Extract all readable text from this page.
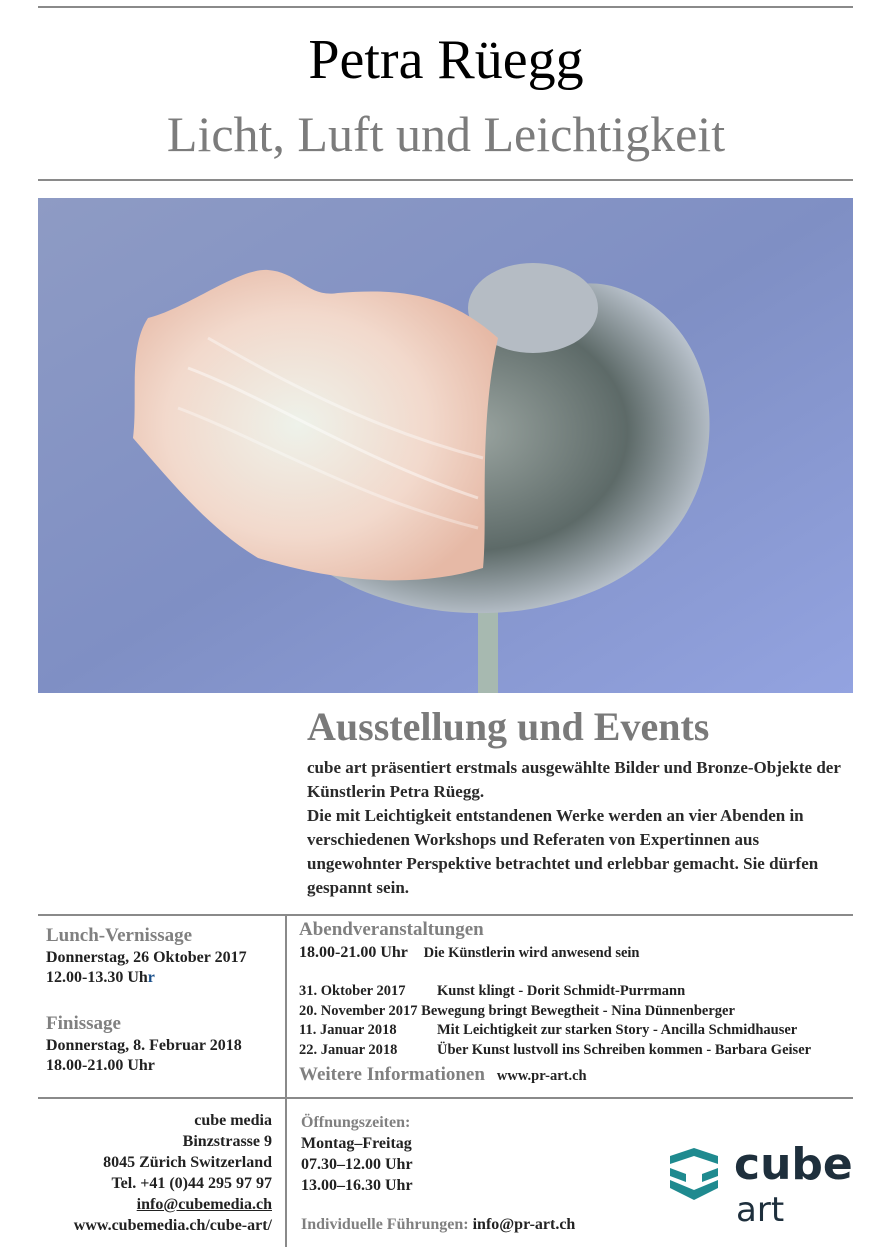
Petra Rüegg
Licht, Luft und Leichtigkeit
Ausstellung und Events

cube art präsentiert erstmals ausgewählte Bilder und Bronze-Objekte der Künstlerin Petra Rüegg.

Die mit Leichtigkeit entstandenen Werke werden an vier Abenden in verschiedenen Workshops und Referaten von Expertinnen aus ungewohnter Perspektive betrachtet und erlebbar gemacht. Sie dürfen gespannt sein.

Lunch-Vernissage
Donnerstag, 26 Oktober 2017
12.00-13.30 Uhr
Finissage
Donnerstag, 8. Februar 2018
18.00-21.00 Uhr
Abendveranstaltungen
18.00-21.00 Uhr Die Künstlerin wird anwesend sein
31. Oktober 2017 Kunst klingt - Dorit Schmidt-Purrmann
20. November 2017 Bewegung bringt Bewegtheit - Nina Dünnenberger
11. Januar 2018	Mit Leichtigkeit zur starken Story - Ancilla Schmidhauser
22. Januar 2018	Über Kunst lustvoll ins Schreiben kommen - Barbara Geiser
Weitere Informationen www.pr-art.ch
cube media
Binzstrasse 9
8045 Zürich Switzerland
Tel. +41 (0)44 295 97 97
info@cubemedia.ch
www.cubemedia.ch/cube-art/
Öffnungszeiten:
Montag–Freitag
07.30–12.00 Uhr
13.00–16.30 Uhr
Individuelle Führungen: info@pr-art.ch
cube
art
